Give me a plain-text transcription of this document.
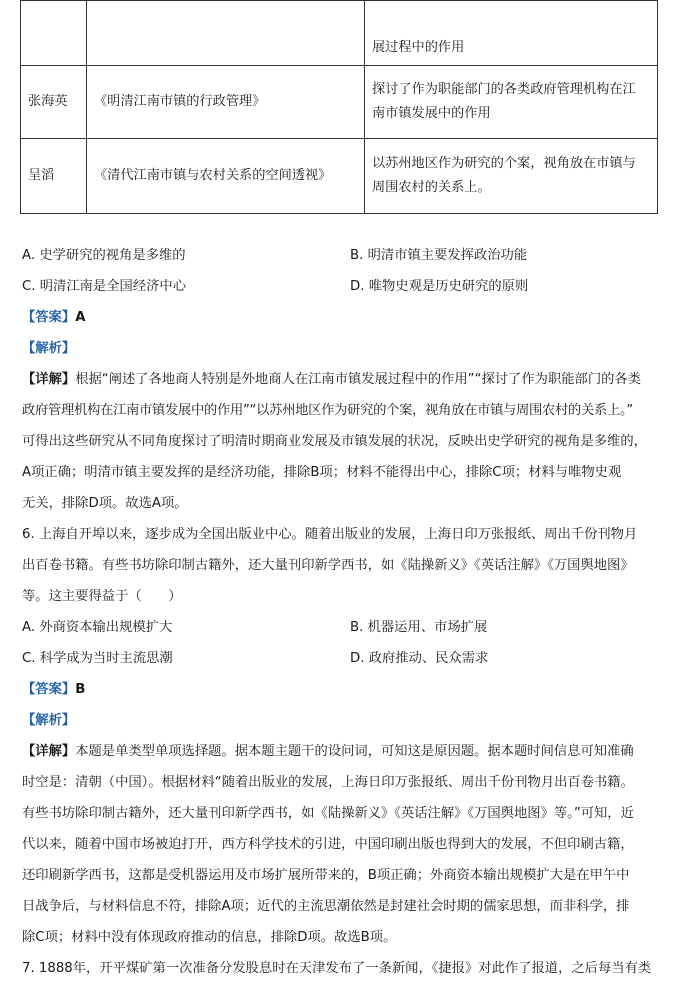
		展过程中的作用
张海英	《明清江南市镇的行政管理》	探讨了作为职能部门的各类政府管理机构在江
南市镇发展中的作用

呈滔	《清代江南市镇与农村关系的空间透视》	以苏州地区作为研究的个案，视角放在市镇与
周围农村的关系上。
A. 史学研究的视角是多维的	B. 明清市镇主要发挥政治功能
C. 明清江南是全国经济中心	D. 唯物史观是历史研究的原则
【答案】A
【解析】
【详解】根据“阐述了各地商人特别是外地商人在江南市镇发展过程中的作用”“探讨了作为职能部门的各类
政府管理机构在江南市镇发展中的作用”“以苏州地区作为研究的个案，视角放在市镇与周围农村的关系上。”
可得出这些研究从不同角度探讨了明清时期商业发展及市镇发展的状况，反映出史学研究的视角是多维的，
A项正确；明清市镇主要发挥的是经济功能，排除B项；材料不能得出中心，排除C项；材料与唯物史观
无关，排除D项。故选A项。
6. 上海自开埠以来，逐步成为全国出版业中心。随着出版业的发展，上海日印万张报纸、周出千份刊物月
出百卷书籍。有些书坊除印制古籍外，还大量刊印新学西书，如《陆操新义》《英话注解》《万国舆地图》
等。这主要得益于（　　）
A. 外商资本输出规模扩大	B. 机器运用、市场扩展
C. 科学成为当时主流思潮	D. 政府推动、民众需求
【答案】B
【解析】
【详解】本题是单类型单项选择题。据本题主题干的设问词，可知这是原因题。据本题时间信息可知准确
时空是：清朝（中国）。根据材料“随着出版业的发展，上海日印万张报纸、周出千份刊物月出百卷书籍。
有些书坊除印制古籍外，还大量刊印新学西书，如《陆操新义》《英话注解》《万国舆地图》等。”可知，近
代以来，随着中国市场被迫打开，西方科学技术的引进，中国印刷出版也得到大的发展，不但印刷古籍，
还印刷新学西书，这都是受机器运用及市场扩展所带来的，B项正确；外商资本输出规模扩大是在甲午中
日战争后，与材料信息不符，排除A项；近代的主流思潮依然是封建社会时期的儒家思想，而非科学，排
除C项；材料中没有体现政府推动的信息，排除D项。故选B项。
7. 1888年，开平煤矿第一次准备分发股息时在天津发布了一条新闻，《捷报》对此作了报道，之后每当有类
